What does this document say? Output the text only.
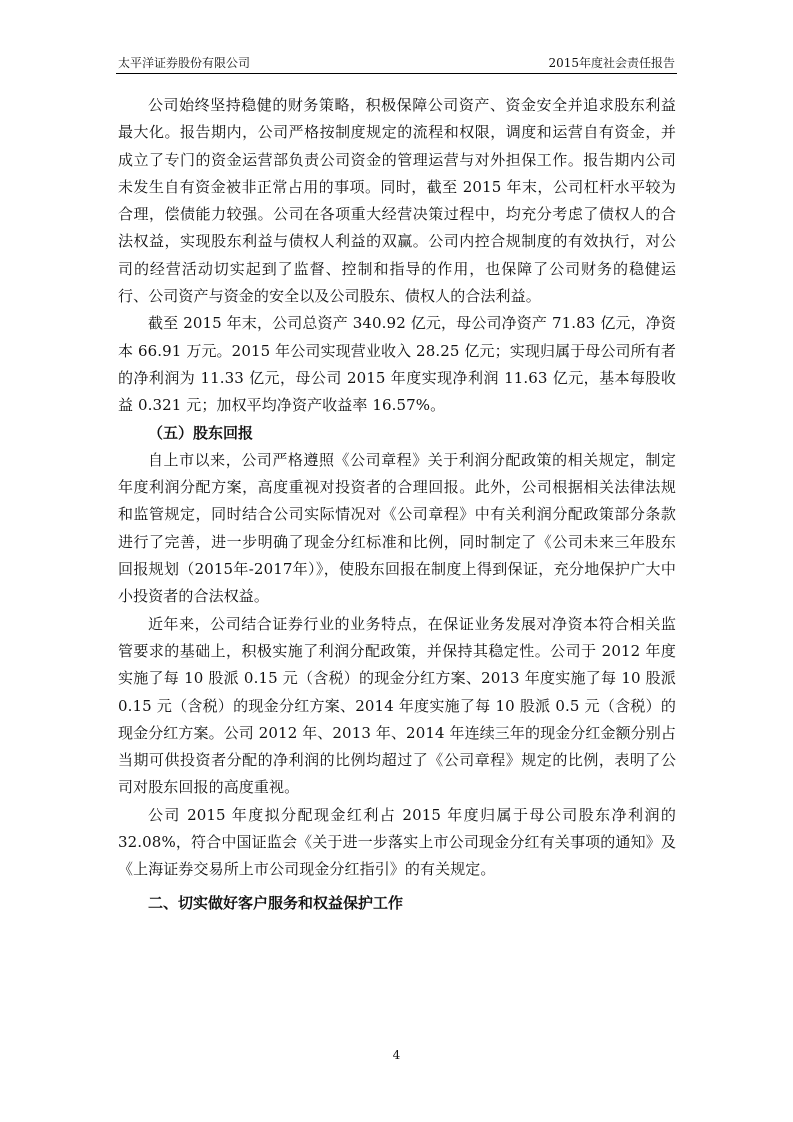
太平洋证券股份有限公司	2015年度社会责任报告

公司始终坚持稳健的财务策略，积极保障公司资产、资金安全并追求股东利益最大化。报告期内，公司严格按制度规定的流程和权限，调度和运营自有资金，并成立了专门的资金运营部负责公司资金的管理运营与对外担保工作。报告期内公司未发生自有资金被非正常占用的事项。同时，截至 2015 年末，公司杠杆水平较为合理，偿债能力较强。公司在各项重大经营决策过程中，均充分考虑了债权人的合法权益，实现股东利益与债权人利益的双赢。公司内控合规制度的有效执行，对公司的经营活动切实起到了监督、控制和指导的作用，也保障了公司财务的稳健运行、公司资产与资金的安全以及公司股东、债权人的合法利益。

截至 2015 年末，公司总资产 340.92 亿元，母公司净资产 71.83 亿元，净资本 66.91 万元。2015 年公司实现营业收入 28.25 亿元；实现归属于母公司所有者的净利润为 11.33 亿元，母公司 2015 年度实现净利润 11.63 亿元，基本每股收益 0.321 元；加权平均净资产收益率 16.57%。

（五）股东回报

自上市以来，公司严格遵照《公司章程》关于利润分配政策的相关规定，制定年度利润分配方案，高度重视对投资者的合理回报。此外，公司根据相关法律法规和监管规定，同时结合公司实际情况对《公司章程》中有关利润分配政策部分条款进行了完善，进一步明确了现金分红标准和比例，同时制定了《公司未来三年股东回报规划（2015年-2017年）》，使股东回报在制度上得到保证，充分地保护广大中小投资者的合法权益。

近年来，公司结合证券行业的业务特点，在保证业务发展对净资本符合相关监管要求的基础上，积极实施了利润分配政策，并保持其稳定性。公司于 2012 年度实施了每 10 股派 0.15 元（含税）的现金分红方案、2013 年度实施了每 10 股派 0.15 元（含税）的现金分红方案、2014 年度实施了每 10 股派 0.5 元（含税）的现金分红方案。公司 2012 年、2013 年、2014 年连续三年的现金分红金额分别占当期可供投资者分配的净利润的比例均超过了《公司章程》规定的比例，表明了公司对股东回报的高度重视。

公司 2015 年度拟分配现金红利占 2015 年度归属于母公司股东净利润的 32.08%，符合中国证监会《关于进一步落实上市公司现金分红有关事项的通知》及《上海证券交易所上市公司现金分红指引》的有关规定。

二、切实做好客户服务和权益保护工作

4
